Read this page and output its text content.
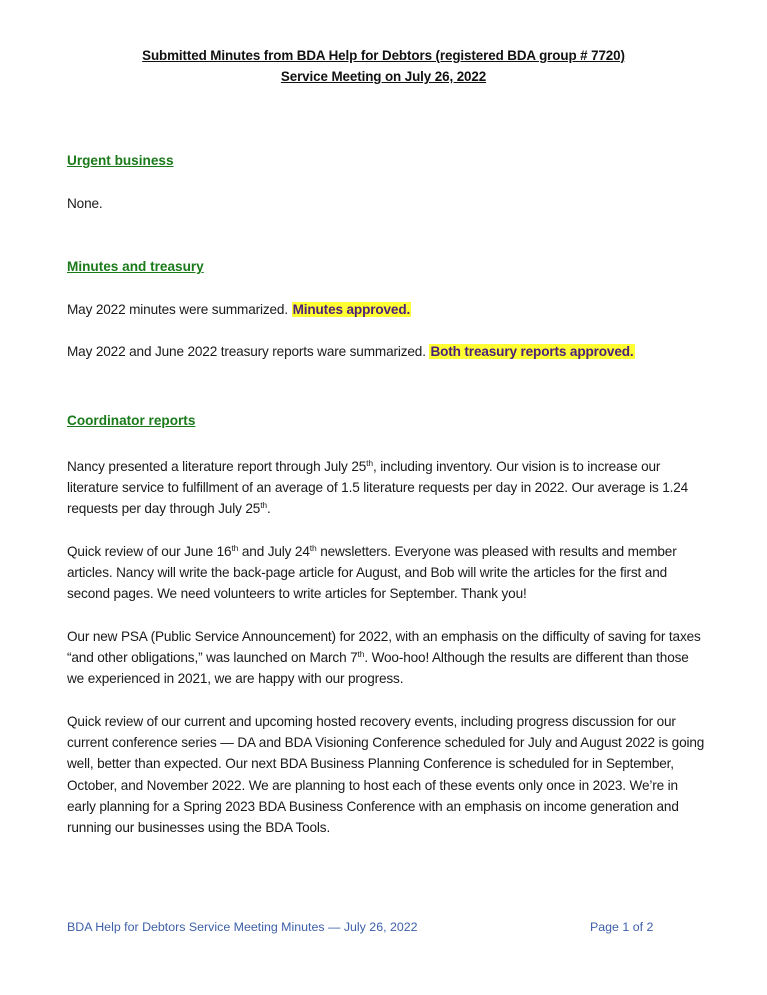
Submitted Minutes from BDA Help for Debtors (registered BDA group # 7720)
Service Meeting on July 26, 2022
Urgent business
None.
Minutes and treasury
May 2022 minutes were summarized. Minutes approved.
May 2022 and June 2022 treasury reports ware summarized. Both treasury reports approved.
Coordinator reports
Nancy presented a literature report through July 25th, including inventory. Our vision is to increase our literature service to fulfillment of an average of 1.5 literature requests per day in 2022. Our average is 1.24 requests per day through July 25th.
Quick review of our June 16th and July 24th newsletters. Everyone was pleased with results and member articles. Nancy will write the back-page article for August, and Bob will write the articles for the first and second pages. We need volunteers to write articles for September. Thank you!
Our new PSA (Public Service Announcement) for 2022, with an emphasis on the difficulty of saving for taxes “and other obligations,” was launched on March 7th. Woo-hoo! Although the results are different than those we experienced in 2021, we are happy with our progress.
Quick review of our current and upcoming hosted recovery events, including progress discussion for our current conference series — DA and BDA Visioning Conference scheduled for July and August 2022 is going well, better than expected. Our next BDA Business Planning Conference is scheduled for in September, October, and November 2022. We are planning to host each of these events only once in 2023. We’re in early planning for a Spring 2023 BDA Business Conference with an emphasis on income generation and running our businesses using the BDA Tools.
BDA Help for Debtors Service Meeting Minutes — July 26, 2022	Page 1 of 2
